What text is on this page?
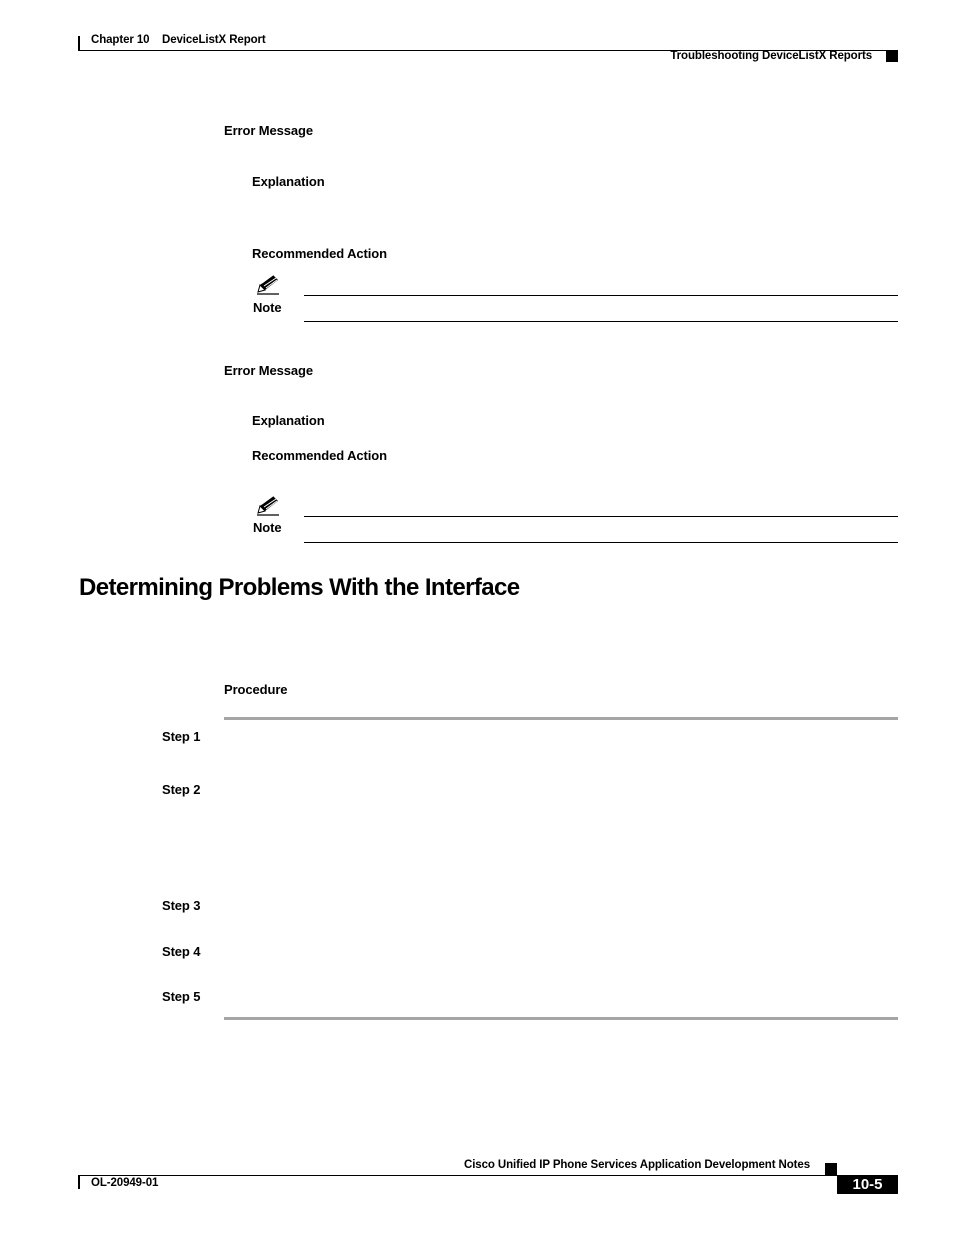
Chapter 10 DeviceListX Report
Troubleshooting DeviceListX Reports
Error Message
Explanation
Recommended Action
Note
Error Message
Explanation
Recommended Action
Note
Determining Problems With the Interface
Procedure
Step 1
Step 2
Step 3
Step 4
Step 5
Cisco Unified IP Phone Services Application Development Notes
OL-20949-01	10-5
